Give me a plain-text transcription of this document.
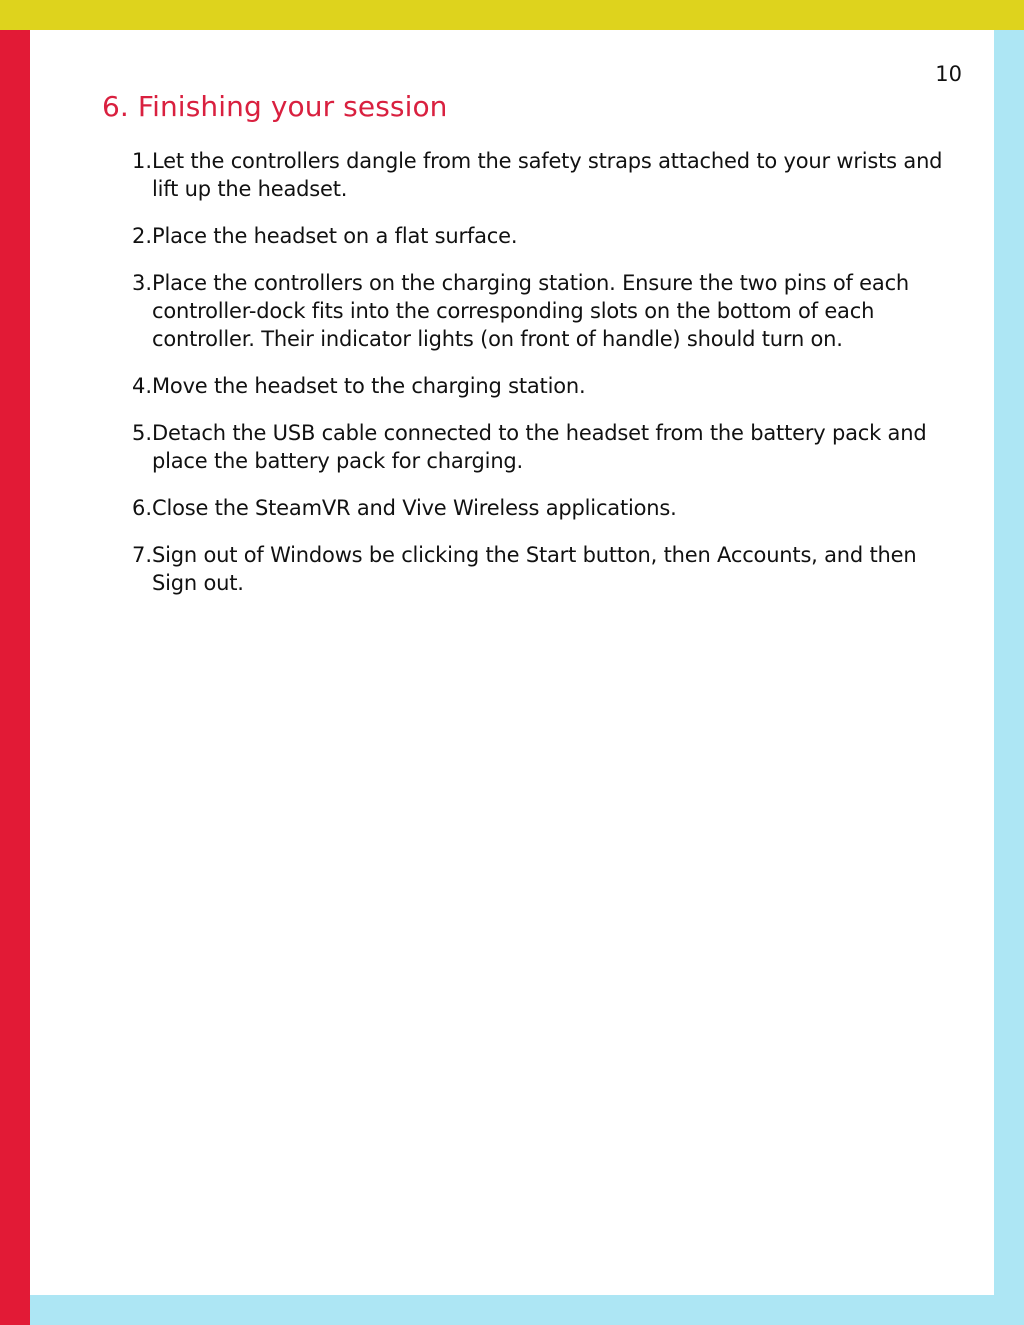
10
6. Finishing your session
1. Let the controllers dangle from the safety straps attached to your wrists and lift up the headset.
2. Place the headset on a flat surface.
3. Place the controllers on the charging station. Ensure the two pins of each controller-dock fits into the corresponding slots on the bottom of each controller. Their indicator lights (on front of handle) should turn on.
4. Move the headset to the charging station.
5. Detach the USB cable connected to the headset from the battery pack and place the battery pack for charging.
6. Close the SteamVR and Vive Wireless applications.
7. Sign out of Windows be clicking the Start button, then Accounts, and then Sign out.
